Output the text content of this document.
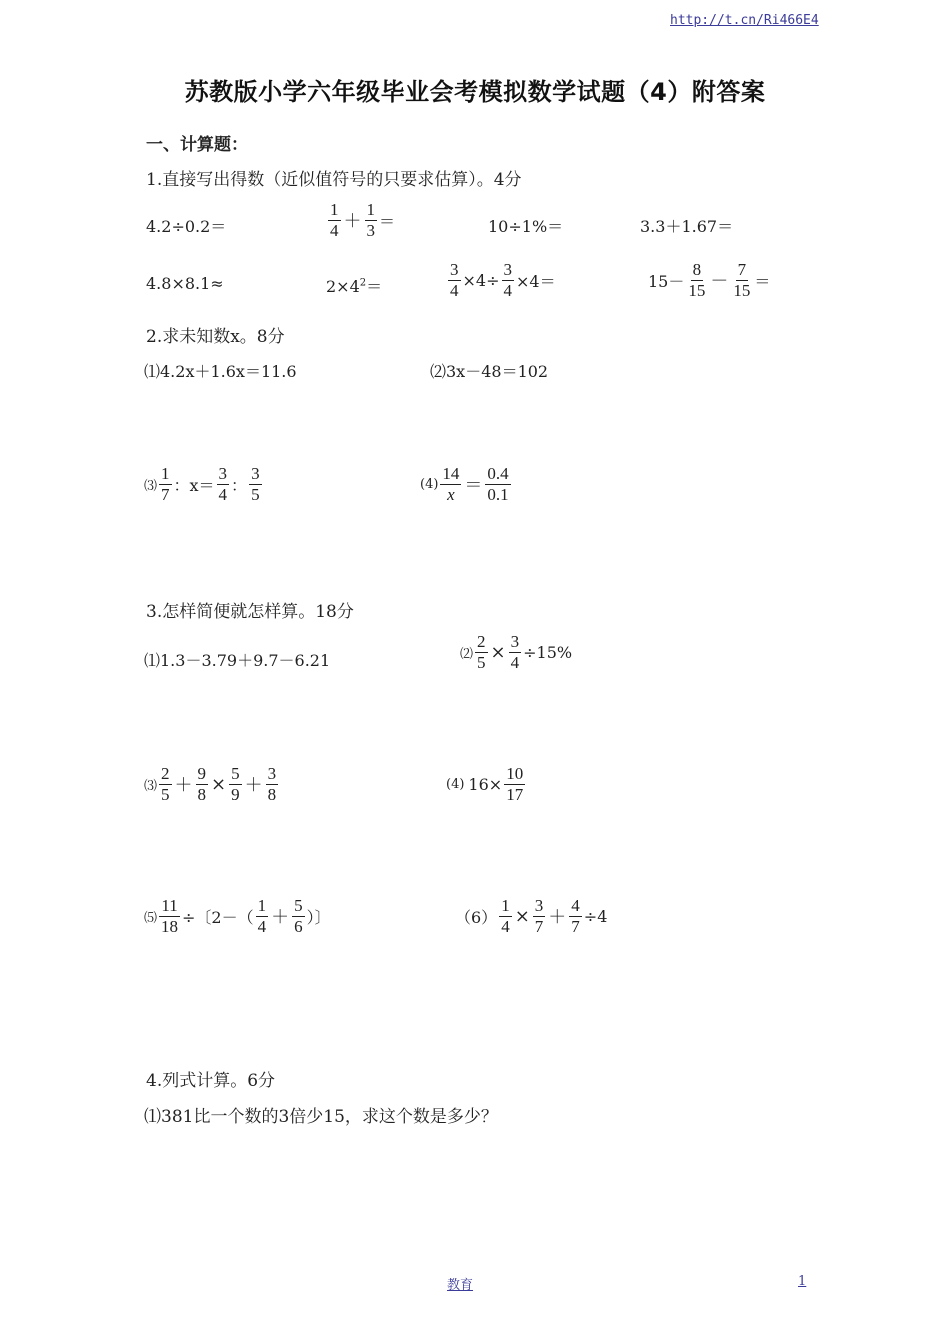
http://t.cn/Ri466E4
苏教版小学六年级毕业会考模拟数学试题（4）附答案
一、计算题：
1.直接写出得数（近似值符号的只要求估算）。4分
4.2÷0.2＝	$\frac{1}{4} + \frac{1}{3}$ ＝	10÷1%＝	3.3＋1.67＝
4.8×8.1≈	$2\times 4^2=$	$\frac{3}{4} \times 4\div \frac{3}{4} \times 4=$	$15- \frac{8}{15} - \frac{7}{15}$ ＝
2.求未知数x。8分
⑴4.2x＋1.6x＝11.6	⑵3x－48＝102
⑶ $\frac{1}{7}$ ：$x= \frac{3}{4}$ ： $\frac{3}{5}$	$(4) \frac{14}{x} = \frac{0.4}{0.1}$
3.怎样简便就怎样算。18分
⑴1.3－3.79＋9.7－6.21	⑵ $\frac{2}{5} \times \frac{3}{4} \div 15\%$
⑶ $\frac{2}{5} + \frac{9}{8} \times \frac{5}{9} + \frac{3}{8}$	(4) $16\times \frac{10}{17}$
⑸ $\frac{11}{18}$ ÷〔$2-( \frac{1}{4} + \frac{5}{6}$ ）〕	$(6) \frac{1}{4} \times \frac{3}{7} + \frac{4}{7} \div 4$
4.列式计算。6分
⑴381比一个数的3倍少15，求这个数是多少？
教育	1
